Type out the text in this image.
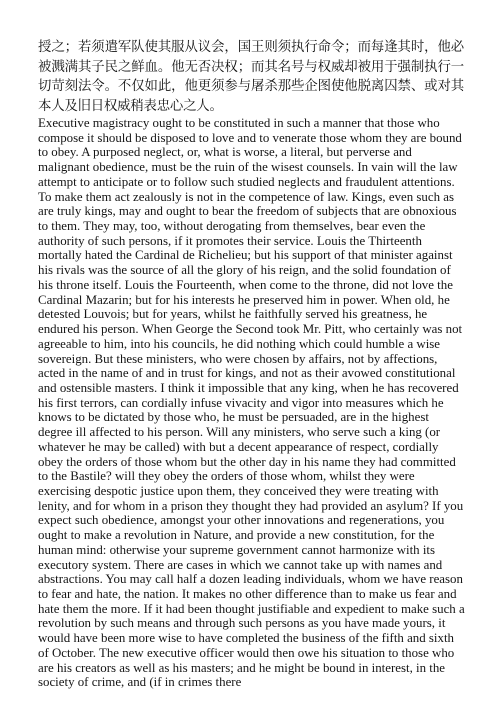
授之；若须遣军队使其服从议会，国王则须执行命令；而每逢其时，他必被溅满其子民之鲜血。他无否决权；而其名号与权威却被用于强制执行一切苛刻法令。不仅如此，他更须参与屠杀那些企图使他脱离囚禁、或对其本人及旧日权威稍表忠心之人。

Executive magistracy ought to be constituted in such a manner that those who compose it should be disposed to love and to venerate those whom they are bound to obey. A purposed neglect, or, what is worse, a literal, but perverse and malignant obedience, must be the ruin of the wisest counsels. In vain will the law attempt to anticipate or to follow such studied neglects and fraudulent attentions. To make them act zealously is not in the competence of law. Kings, even such as are truly kings, may and ought to bear the freedom of subjects that are obnoxious to them. They may, too, without derogating from themselves, bear even the authority of such persons, if it promotes their service. Louis the Thirteenth mortally hated the Cardinal de Richelieu; but his support of that minister against his rivals was the source of all the glory of his reign, and the solid foundation of his throne itself. Louis the Fourteenth, when come to the throne, did not love the Cardinal Mazarin; but for his interests he preserved him in power. When old, he detested Louvois; but for years, whilst he faithfully served his greatness, he endured his person. When George the Second took Mr. Pitt, who certainly was not agreeable to him, into his councils, he did nothing which could humble a wise sovereign. But these ministers, who were chosen by affairs, not by affections, acted in the name of and in trust for kings, and not as their avowed constitutional and ostensible masters. I think it impossible that any king, when he has recovered his first terrors, can cordially infuse vivacity and vigor into measures which he knows to be dictated by those who, he must be persuaded, are in the highest degree ill affected to his person. Will any ministers, who serve such a king (or whatever he may be called) with but a decent appearance of respect, cordially obey the orders of those whom but the other day in his name they had committed to the Bastile? will they obey the orders of those whom, whilst they were exercising despotic justice upon them, they conceived they were treating with lenity, and for whom in a prison they thought they had provided an asylum? If you expect such obedience, amongst your other innovations and regenerations, you ought to make a revolution in Nature, and provide a new constitution, for the human mind: otherwise your supreme government cannot harmonize with its executory system. There are cases in which we cannot take up with names and abstractions. You may call half a dozen leading individuals, whom we have reason to fear and hate, the nation. It makes no other difference than to make us fear and hate them the more. If it had been thought justifiable and expedient to make such a revolution by such means and through such persons as you have made yours, it would have been more wise to have completed the business of the fifth and sixth of October. The new executive officer would then owe his situation to those who are his creators as well as his masters; and he might be bound in interest, in the society of crime, and (if in crimes there
